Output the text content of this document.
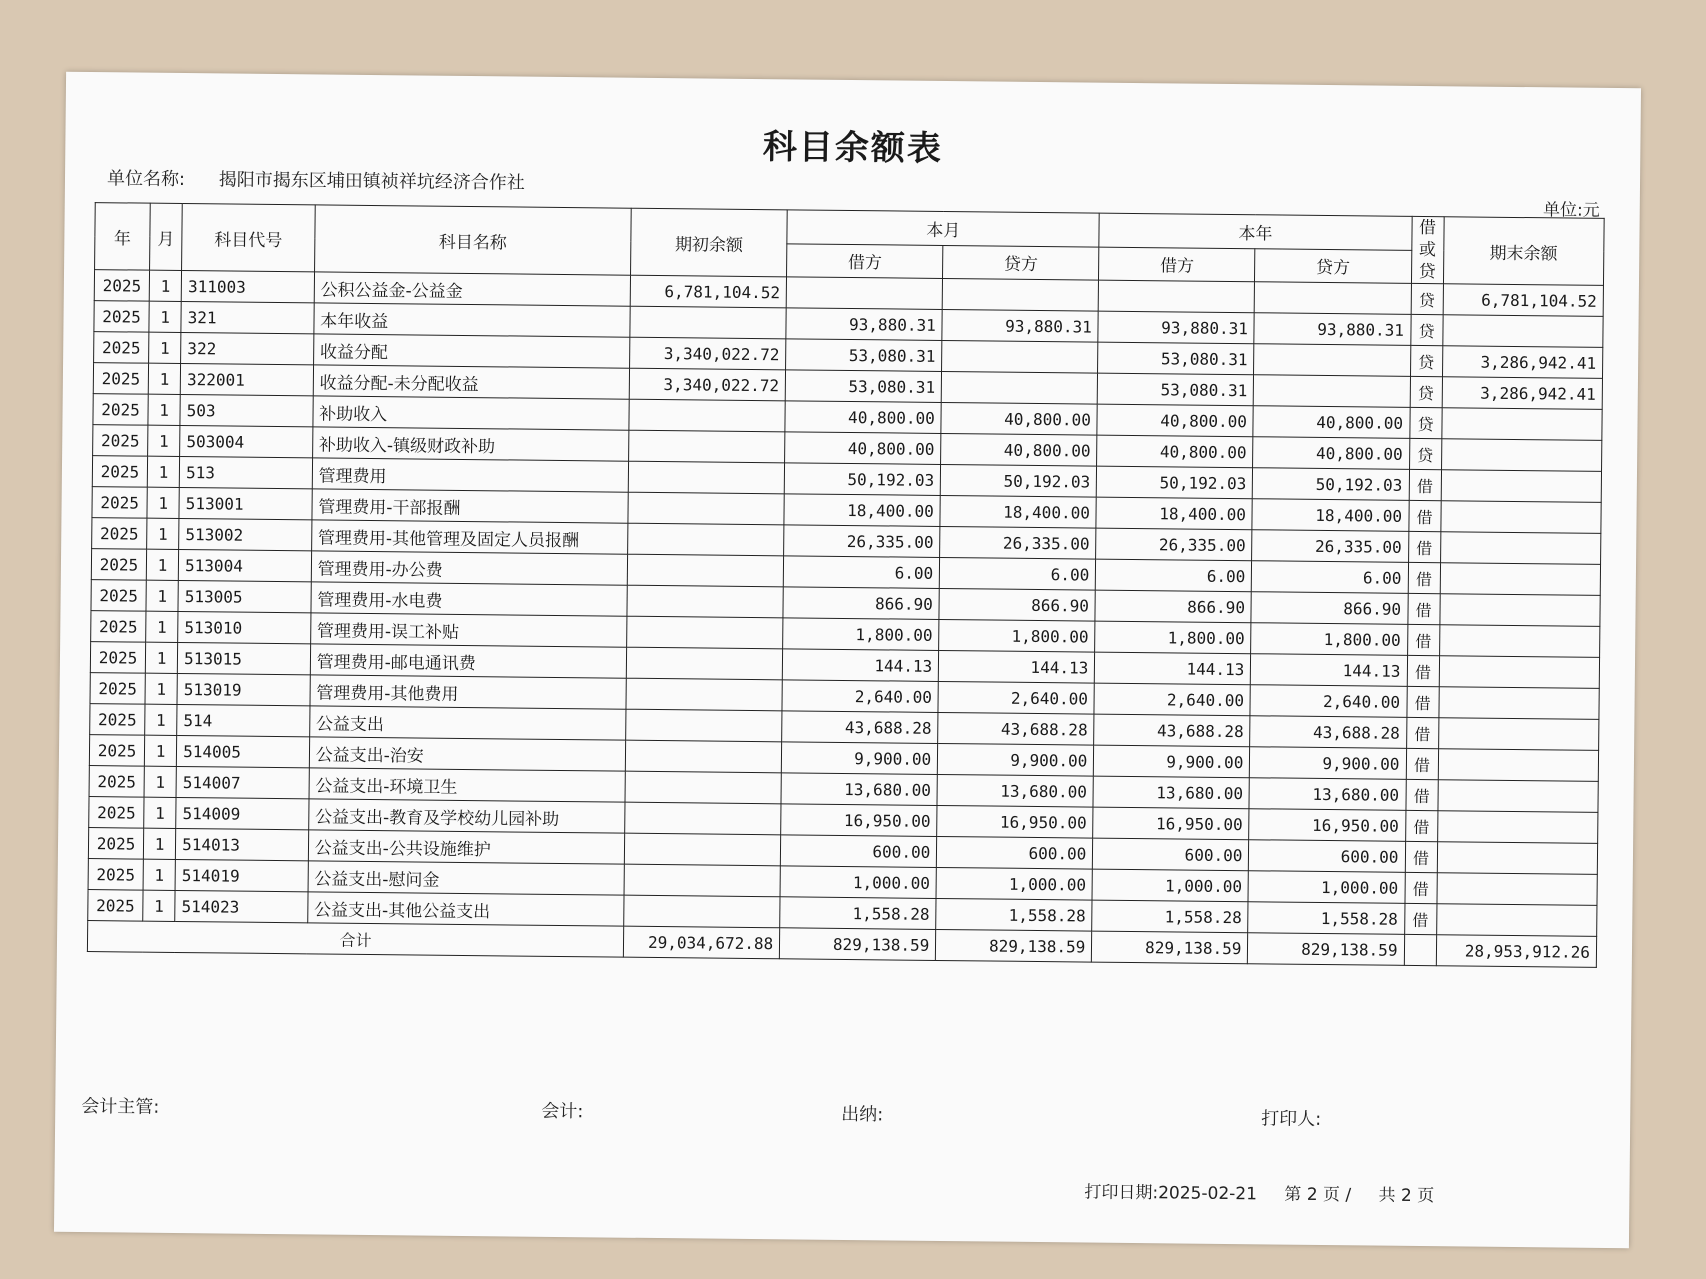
科目余额表
单位名称: 揭阳市揭东区埔田镇祯祥坑经济合作社
单位:元
年	月	科目代号	科目名称	期初余额	本月		本年		借或贷	期末余额
					借方	贷方	借方	贷方		
2025	1	311003	公积公益金-公益金	6,781,104.52					贷	6,781,104.52
2025	1	321	本年收益		93,880.31	93,880.31	93,880.31	93,880.31	贷	
2025	1	322	收益分配	3,340,022.72	53,080.31		53,080.31		贷	3,286,942.41
2025	1	322001	收益分配-未分配收益	3,340,022.72	53,080.31		53,080.31		贷	3,286,942.41
2025	1	503	补助收入		40,800.00	40,800.00	40,800.00	40,800.00	贷	
2025	1	503004	补助收入-镇级财政补助		40,800.00	40,800.00	40,800.00	40,800.00	贷	
2025	1	513	管理费用		50,192.03	50,192.03	50,192.03	50,192.03	借	
2025	1	513001	管理费用-干部报酬		18,400.00	18,400.00	18,400.00	18,400.00	借	
2025	1	513002	管理费用-其他管理及固定人员报酬		26,335.00	26,335.00	26,335.00	26,335.00	借	
2025	1	513004	管理费用-办公费		6.00	6.00	6.00	6.00	借	
2025	1	513005	管理费用-水电费		866.90	866.90	866.90	866.90	借	
2025	1	513010	管理费用-误工补贴		1,800.00	1,800.00	1,800.00	1,800.00	借	
2025	1	513015	管理费用-邮电通讯费		144.13	144.13	144.13	144.13	借	
2025	1	513019	管理费用-其他费用		2,640.00	2,640.00	2,640.00	2,640.00	借	
2025	1	514	公益支出		43,688.28	43,688.28	43,688.28	43,688.28	借	
2025	1	514005	公益支出-治安		9,900.00	9,900.00	9,900.00	9,900.00	借	
2025	1	514007	公益支出-环境卫生		13,680.00	13,680.00	13,680.00	13,680.00	借	
2025	1	514009	公益支出-教育及学校幼儿园补助		16,950.00	16,950.00	16,950.00	16,950.00	借	
2025	1	514013	公益支出-公共设施维护		600.00	600.00	600.00	600.00	借	
2025	1	514019	公益支出-慰问金		1,000.00	1,000.00	1,000.00	1,000.00	借	
2025	1	514023	公益支出-其他公益支出		1,558.28	1,558.28	1,558.28	1,558.28	借	
合计				29,034,672.88	829,138.59	829,138.59	829,138.59	829,138.59		28,953,912.26
会计主管:	会计:	出纳:	打印人:
打印日期:2025-02-21 第 2 页 / 共 2 页
